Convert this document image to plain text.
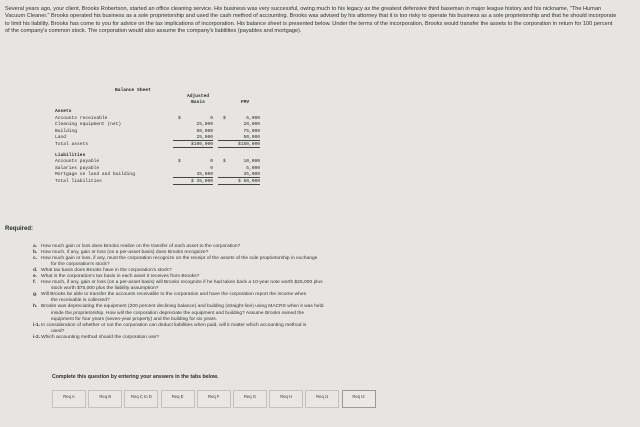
Several years ago, your client, Brooks Robertson, started an office cleaning service. His business was very successful, owing much to his legacy as the greatest defensive third baseman in major league history and his nickname, "The Human Vacuum Cleaner." Brooks operated his business as a sole proprietorship and used the cash method of accounting. Brooks was advised by his attorney that it is too risky to operate his business as a sole proprietorship and that he should incorporate to limit his liability. Brooks has come to you for advice on the tax implications of incorporation. His balance sheet is presented below. Under the terms of the incorporation, Brooks would transfer the assets to the corporation in return for 100 percent of the company's common stock. The corporation would also assume the company's liabilities (payables and mortgage).
Balance Sheet
Adjusted
Basis	FMV
Assets
Accounts receivable	$	0 $	5,000
Cleaning equipment (net)	25,000	20,000
Building	50,000	75,000
Land	25,000	50,000
Total assets	$100,000	$150,000
Liabilities
Accounts payable	$	0 $	10,000
Salaries payable	0	5,000
Mortgage on land and building	35,000	35,000
Total liabilities	$ 35,000	$ 50,000
Required:
a. How much gain or loss does Brooks realize on the transfer of each asset to the corporation?
b. How much, if any, gain or loss (on a per-asset basis) does Brooks recognize?
c. How much gain or loss, if any, must the corporation recognize on the receipt of the assets of the sole proprietorship in exchange
for the corporation's stock?
d. What tax basis does Brooks have in the corporation's stock?
e. What is the corporation's tax basis in each asset it receives from Brooks?
f. How much, if any, gain or loss (on a per-asset basis) will Brooks recognize if he had taken back a 10-year note worth $25,000 plus
stock worth $75,000 plus the liability assumption?
g. Will Brooks be able to transfer the accounts receivable to the corporation and have the corporation report the income when
the receivable is collected?
h. Brooks was depreciating the equipment (200 percent declining balance) and building (straight-line) using MACRS when it was held
inside the proprietorship. How will the corporation depreciate the equipment and building? Assume Brooks owned the
equipment for four years (seven-year property) and the building for six years.
i-1. In consideration of whether or not the corporation can deduct liabilities when paid, will it matter which accounting method is
used?
i-2. Which accounting method should the corporation use?
Complete this question by entering your answers in the tabs below.
Req A	Req B	Req C to D	Req E	Req F	Req G	Req H	Req I1	Req I2
